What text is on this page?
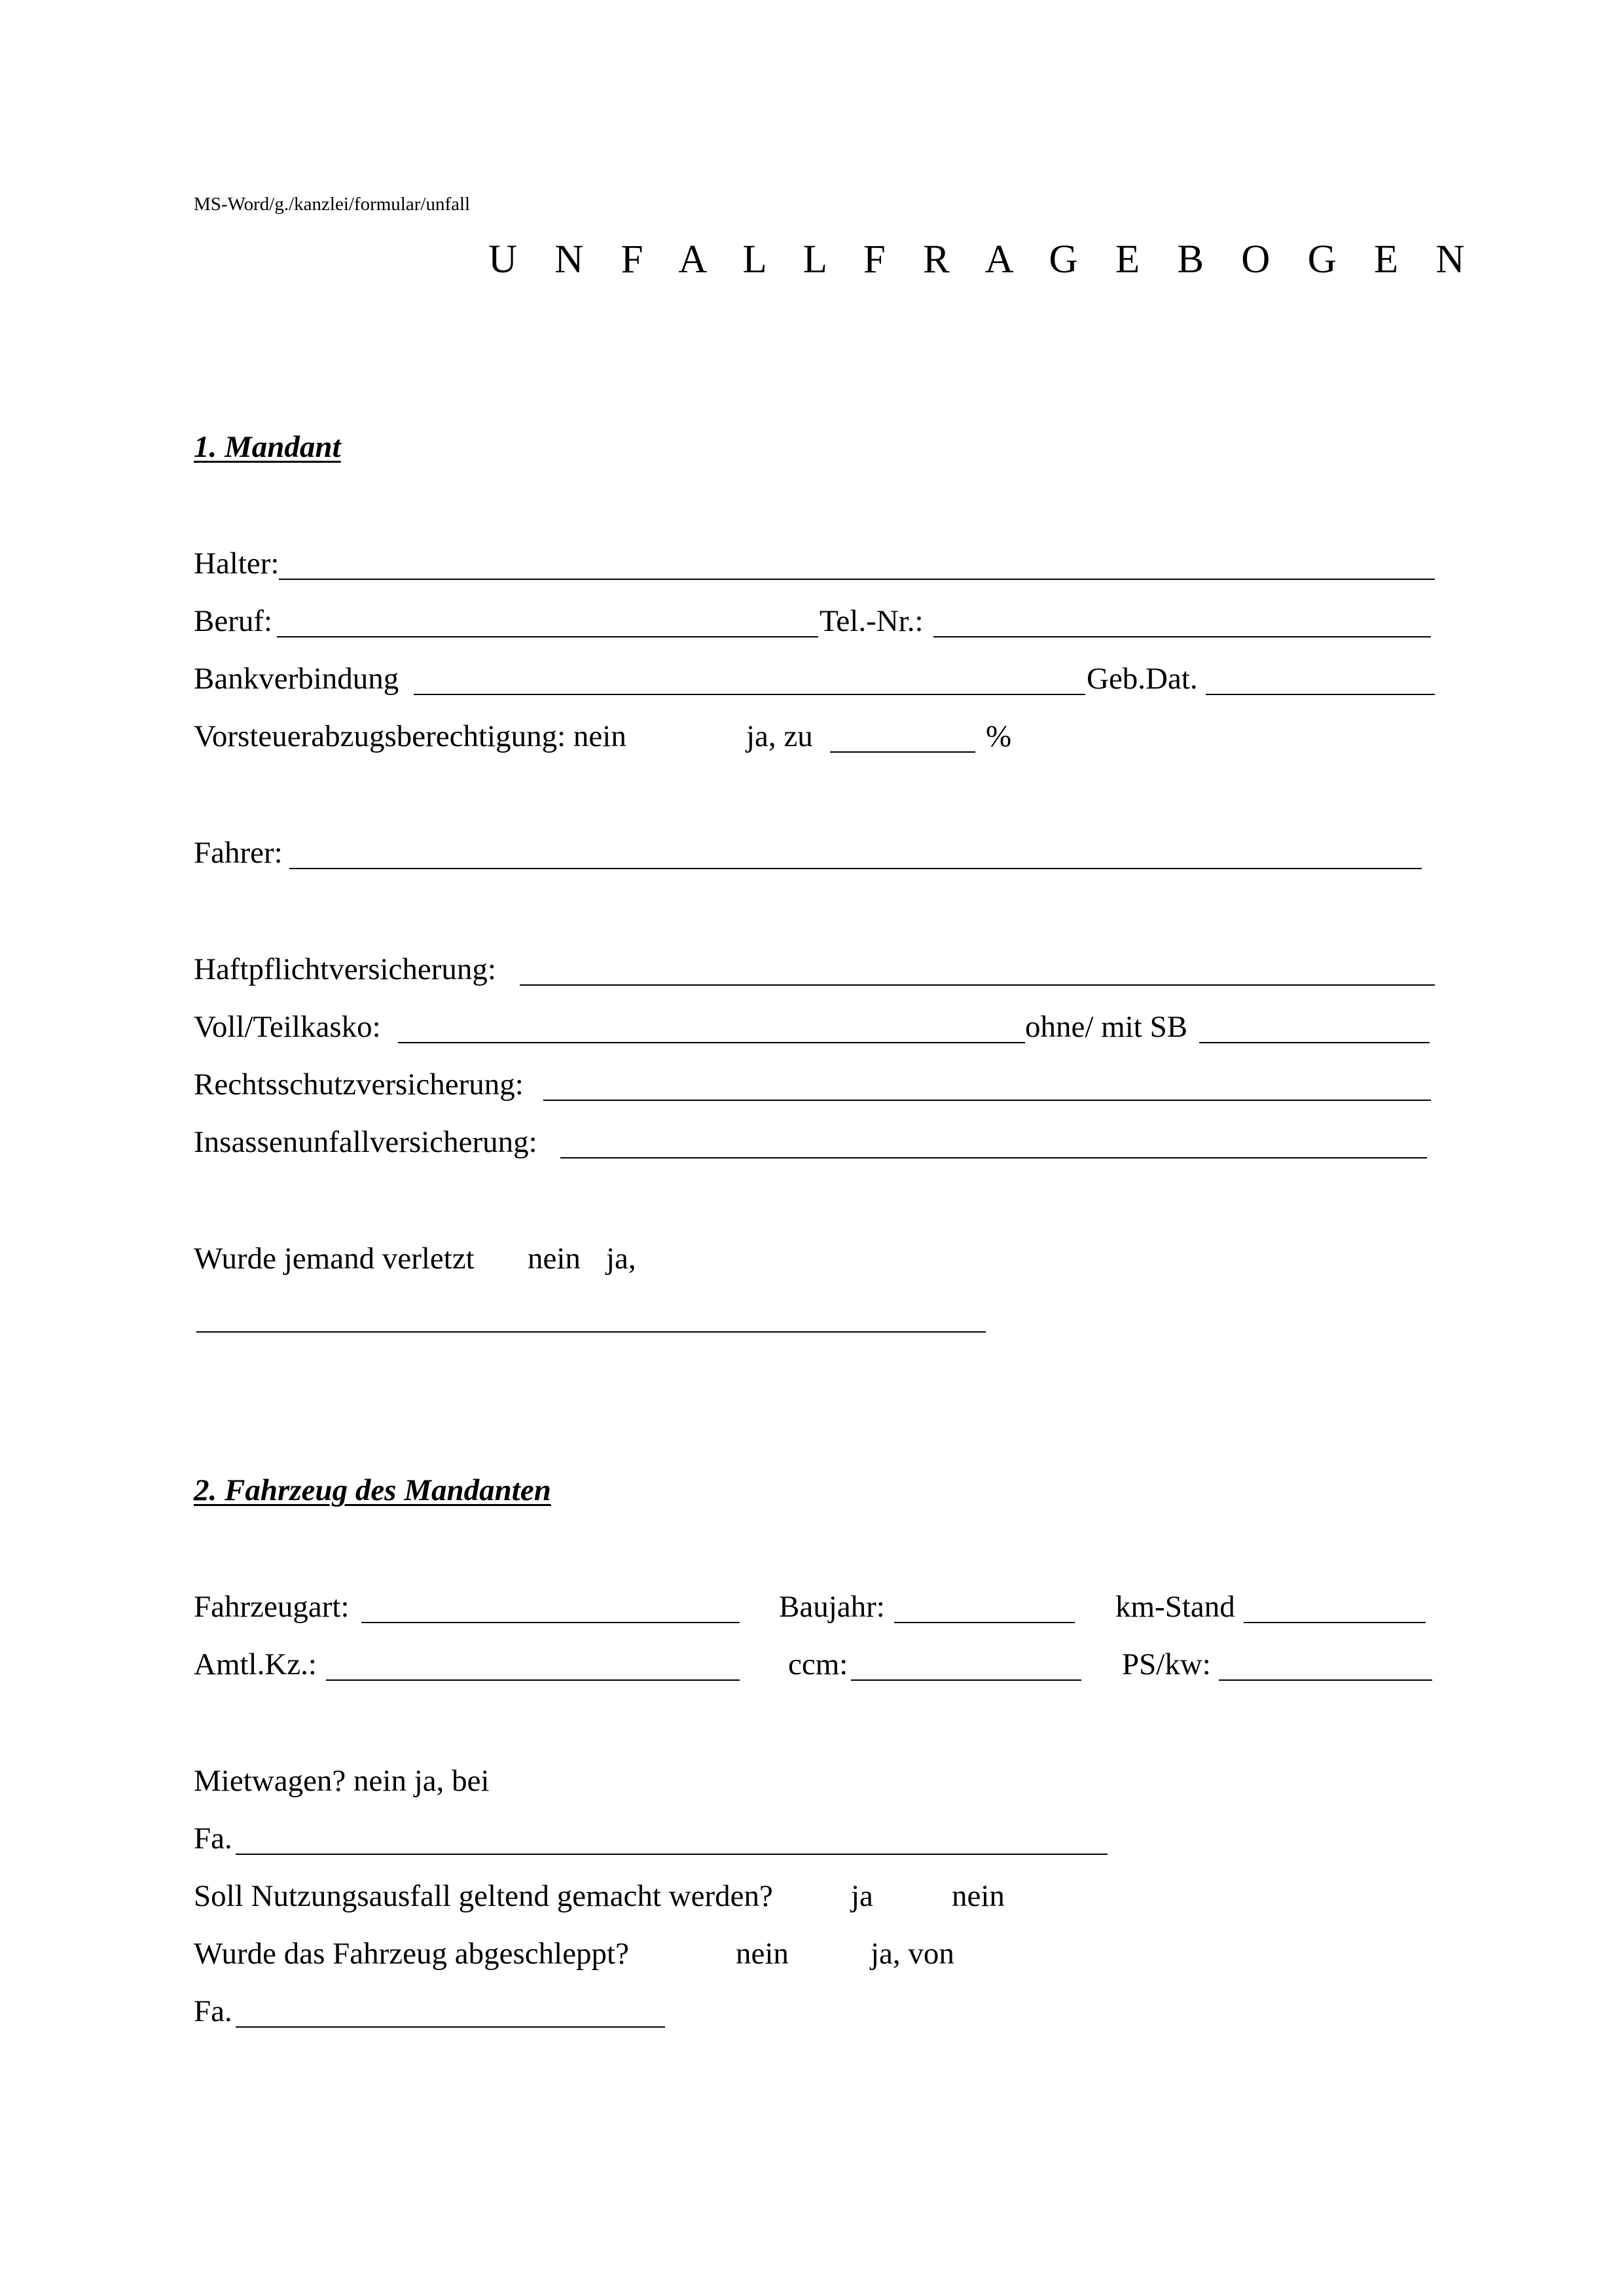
MS-Word/g./kanzlei/formular/unfall
U N F A L L F R A G E B O G E N
1. Mandant
Halter:
Beruf:	Tel.-Nr.:
Bankverbindung	Geb.Dat.
Vorsteuerabzugsberechtigung: nein	ja, zu	%
Fahrer:
Haftpflichtversicherung:
Voll/Teilkasko:	ohne/ mit SB
Rechtsschutzversicherung:
Insassenunfallversicherung:
Wurde jemand verletzt nein ja,
2. Fahrzeug des Mandanten
Fahrzeugart:	Baujahr:	km-Stand
Amtl.Kz.:	ccm:	PS/kw:
Mietwagen? nein ja, bei
Fa.
Soll Nutzungsausfall geltend gemacht werden?	ja	nein
Wurde das Fahrzeug abgeschleppt?	nein	ja, von
Fa.
